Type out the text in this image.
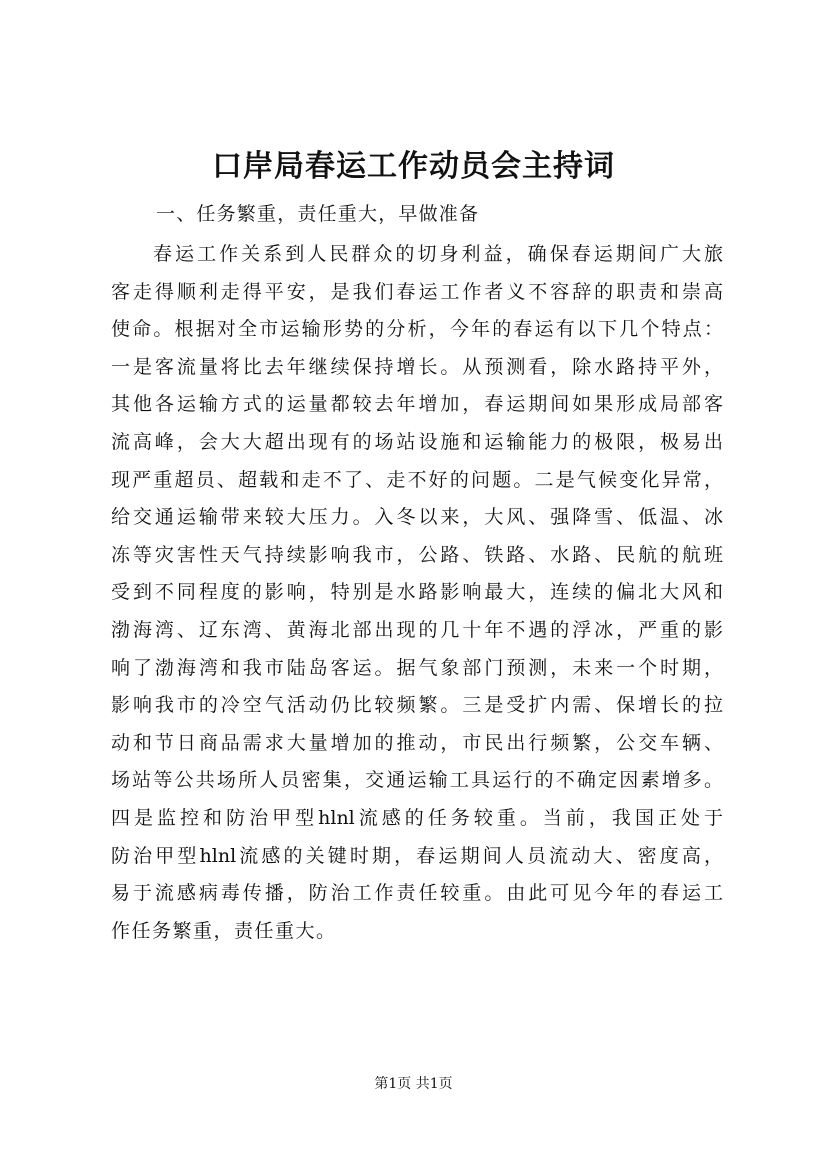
口岸局春运工作动员会主持词
一、任务繁重，责任重大，早做准备
春运工作关系到人民群众的切身利益，确保春运期间广大旅
客走得顺利走得平安，是我们春运工作者义不容辞的职责和崇高
使命。根据对全市运输形势的分析，今年的春运有以下几个特点：
一是客流量将比去年继续保持增长。从预测看，除水路持平外，
其他各运输方式的运量都较去年增加，春运期间如果形成局部客
流高峰，会大大超出现有的场站设施和运输能力的极限，极易出
现严重超员、超载和走不了、走不好的问题。二是气候变化异常，
给交通运输带来较大压力。入冬以来，大风、强降雪、低温、冰
冻等灾害性天气持续影响我市，公路、铁路、水路、民航的航班
受到不同程度的影响，特别是水路影响最大，连续的偏北大风和
渤海湾、辽东湾、黄海北部出现的几十年不遇的浮冰，严重的影
响了渤海湾和我市陆岛客运。据气象部门预测，未来一个时期，
影响我市的冷空气活动仍比较频繁。三是受扩内需、保增长的拉
动和节日商品需求大量增加的推动，市民出行频繁，公交车辆、
场站等公共场所人员密集，交通运输工具运行的不确定因素增多。
四是监控和防治甲型hlnl流感的任务较重。当前，我国正处于
防治甲型hlnl流感的关键时期，春运期间人员流动大、密度高，
易于流感病毒传播，防治工作责任较重。由此可见今年的春运工
作任务繁重，责任重大。
第1页 共1页
